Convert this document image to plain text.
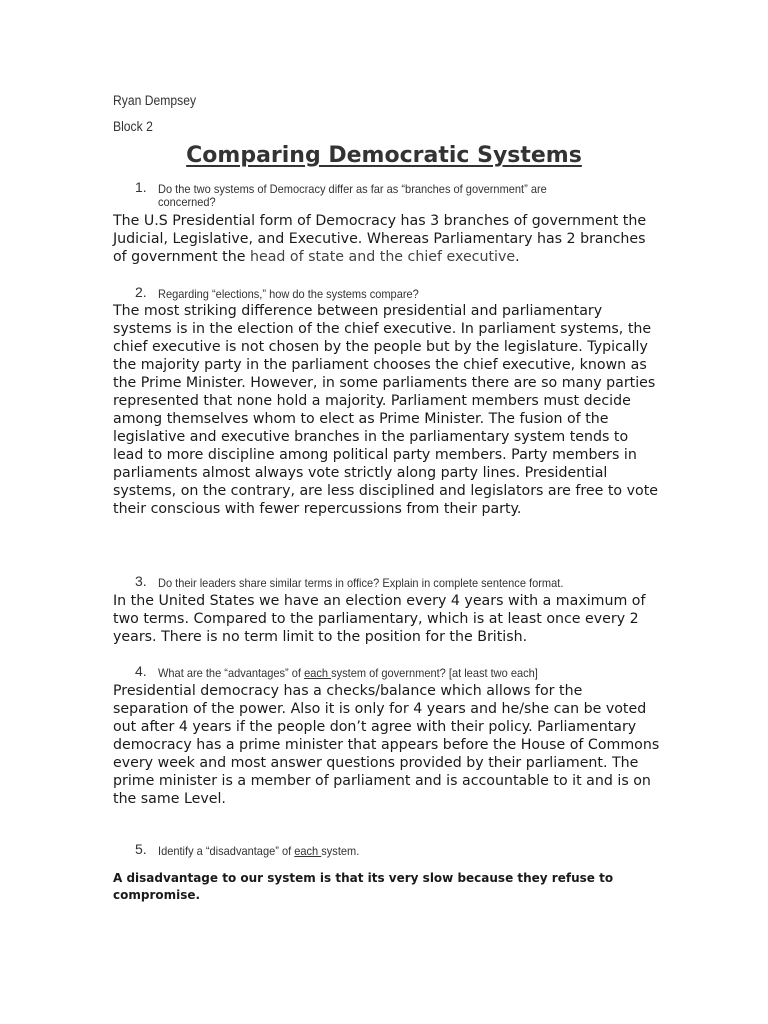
Ryan Dempsey
Block 2
Comparing Democratic Systems
1. Do the two systems of Democracy differ as far as “branches of government” are concerned?

The U.S Presidential form of Democracy has 3 branches of government the Judicial, Legislative, and Executive. Whereas Parliamentary has 2 branches of government the head of state and the chief executive.

2. Regarding “elections,” how do the systems compare?

The most striking difference between presidential and parliamentary systems is in the election of the chief executive. In parliament systems, the chief executive is not chosen by the people but by the legislature. Typically the majority party in the parliament chooses the chief executive, known as the Prime Minister. However, in some parliaments there are so many parties represented that none hold a majority. Parliament members must decide among themselves whom to elect as Prime Minister. The fusion of the legislative and executive branches in the parliamentary system tends to lead to more discipline among political party members. Party members in parliaments almost always vote strictly along party lines. Presidential systems, on the contrary, are less disciplined and legislators are free to vote their conscious with fewer repercussions from their party.

3. Do their leaders share similar terms in office? Explain in complete sentence format.

In the United States we have an election every 4 years with a maximum of two terms. Compared to the parliamentary, which is at least once every 2 years. There is no term limit to the position for the British.

4. What are the “advantages” of each system of government? [at least two each]

Presidential democracy has a checks/balance which allows for the separation of the power. Also it is only for 4 years and he/she can be voted out after 4 years if the people don’t agree with their policy. Parliamentary democracy has a prime minister that appears before the House of Commons every week and most answer questions provided by their parliament. The prime minister is a member of parliament and is accountable to it and is on the same Level.

5. Identify a “disadvantage” of each system.

A disadvantage to our system is that its very slow because they refuse to compromise.
